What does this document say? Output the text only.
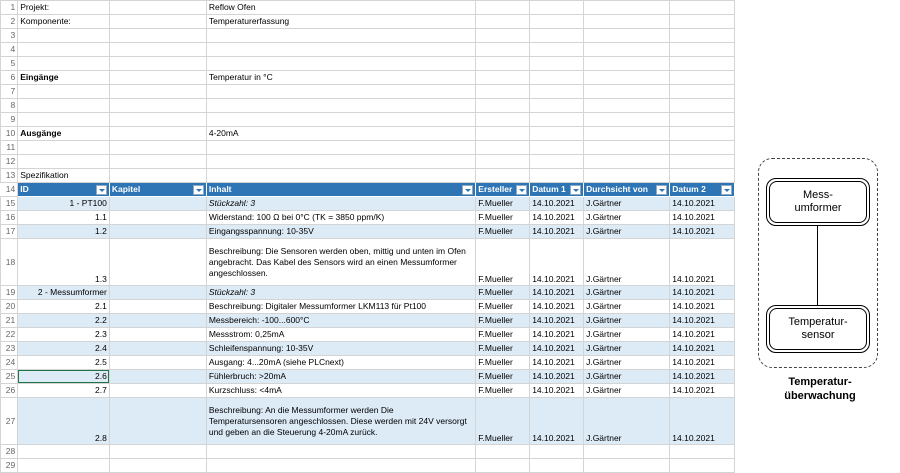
1	Projekt:		Reflow Ofen				
2	Komponente:		Temperaturerfassung				
3							
4							
5							
6	Eingänge		Temperatur in °C				
7							
8							
9							
10	Ausgänge		4-20mA				
11							
12							
13	Spezifikation						
14	ID	Kapitel	Inhalt	Ersteller	Datum 1	Durchsicht von	Datum 2

15	1 - PT100		Stückzahl: 3	F.Mueller	14.10.2021	J.Gärtner	14.10.2021
16	1.1		Widerstand: 100 Ω bei 0°C (TK = 3850 ppm/K)	F.Mueller	14.10.2021	J.Gärtner	14.10.2021
17	1.2		Eingangsspannung: 10-35V	F.Mueller	14.10.2021	J.Gärtner	14.10.2021
18	1.3		Beschreibung: Die Sensoren werden oben, mittig und unten im Ofen angebracht. Das Kabel des Sensors wird an einen Messumformer angeschlossen.	F.Mueller	14.10.2021	J.Gärtner	14.10.2021
19	2 - Messumformer		Stückzahl: 3	F.Mueller	14.10.2021	J.Gärtner	14.10.2021
20	2.1		Beschreibung: Digitaler Messumformer LKM113 für Pt100	F.Mueller	14.10.2021	J.Gärtner	14.10.2021
21	2.2		Messbereich: -100...600°C	F.Mueller	14.10.2021	J.Gärtner	14.10.2021
22	2.3		Messstrom: 0,25mA	F.Mueller	14.10.2021	J.Gärtner	14.10.2021
23	2.4		Schleifenspannung: 10-35V	F.Mueller	14.10.2021	J.Gärtner	14.10.2021
24	2.5		Ausgang: 4...20mA (siehe PLCnext)	F.Mueller	14.10.2021	J.Gärtner	14.10.2021
25	2.6		Fühlerbruch: >20mA	F.Mueller	14.10.2021	J.Gärtner	14.10.2021
26	2.7		Kurzschluss: <4mA	F.Mueller	14.10.2021	J.Gärtner	14.10.2021
27	2.8		Beschreibung: An die Messumformer werden Die Temperatursensoren angeschlossen. Diese werden mit 24V versorgt und geben an die Steuerung 4-20mA zurück.	F.Mueller	14.10.2021	J.Gärtner	14.10.2021
28							
29							
Mess-
umformer
Temperatur-
sensor
Temperatur-
überwachung
